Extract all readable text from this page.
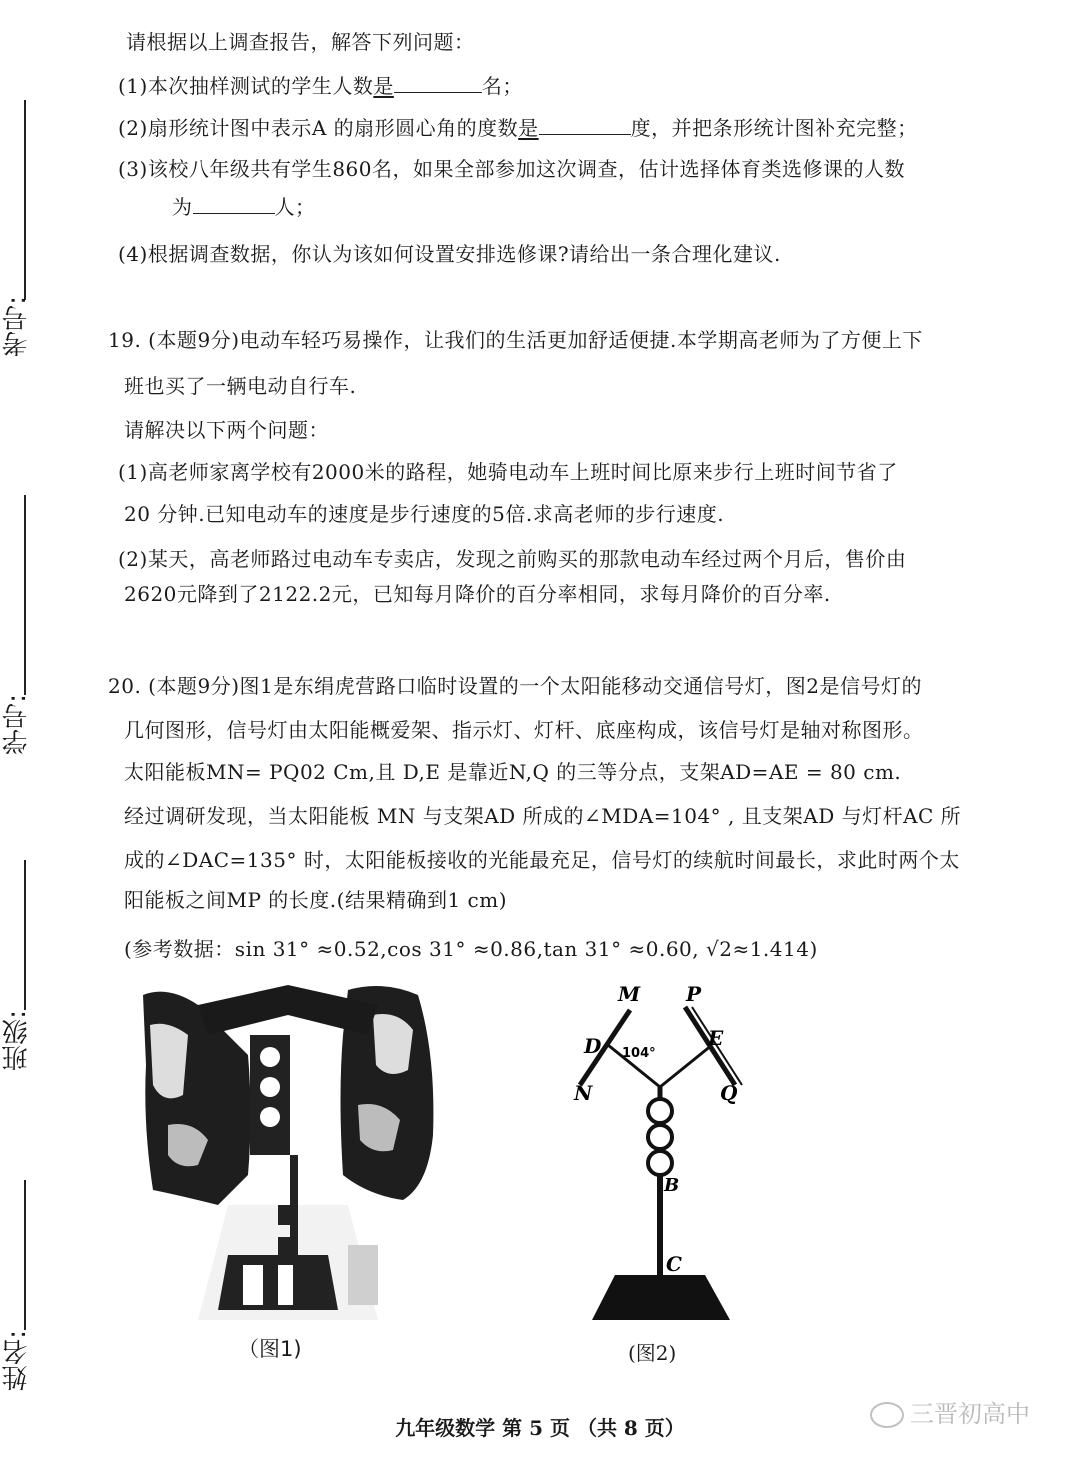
考号:
学号:
班级:
姓名:
请根据以上调查报告，解答下列问题：
(1)本次抽样测试的学生人数是	名；
(2)扇形统计图中表示A 的扇形圆心角的度数是	度，并把条形统计图补充完整；
(3)该校八年级共有学生860名，如果全部参加这次调查，估计选择体育类选修课的人数
为	人；
(4)根据调查数据，你认为该如何设置安排选修课?请给出一条合理化建议.
19. (本题9分)电动车轻巧易操作，让我们的生活更加舒适便捷.本学期高老师为了方便上下
班也买了一辆电动自行车.
请解决以下两个问题：
(1)高老师家离学校有2000米的路程，她骑电动车上班时间比原来步行上班时间节省了
20 分钟.已知电动车的速度是步行速度的5倍.求高老师的步行速度.
(2)某天，高老师路过电动车专卖店，发现之前购买的那款电动车经过两个月后，售价由
2620元降到了2122.2元，已知每月降价的百分率相同，求每月降价的百分率.
20. (本题9分)图1是东绢虎营路口临时设置的一个太阳能移动交通信号灯，图2是信号灯的
几何图形，信号灯由太阳能概爱架、指示灯、灯杆、底座构成，该信号灯是轴对称图形。
太阳能板MN= PQ02 Cm,且 D,E 是靠近N,Q 的三等分点，支架AD=AE = 80 cm.
经过调研发现，当太阳能板 MN 与支架AD 所成的∠MDA=104° , 且支架AD 与灯杆AC 所
成的∠DAC=135° 时，太阳能板接收的光能最充足，信号灯的续航时间最长，求此时两个太
阳能板之间MP 的长度.(结果精确到1 cm)
(参考数据：sin 31° ≈0.52,cos 31° ≈0.86,tan 31° ≈0.60, √2≈1.414)
（图1)
M P
D	E
N	Q
B
C
104°
(图2)
九年级数学 第 5 页 （共 8 页）	三晋初高中
